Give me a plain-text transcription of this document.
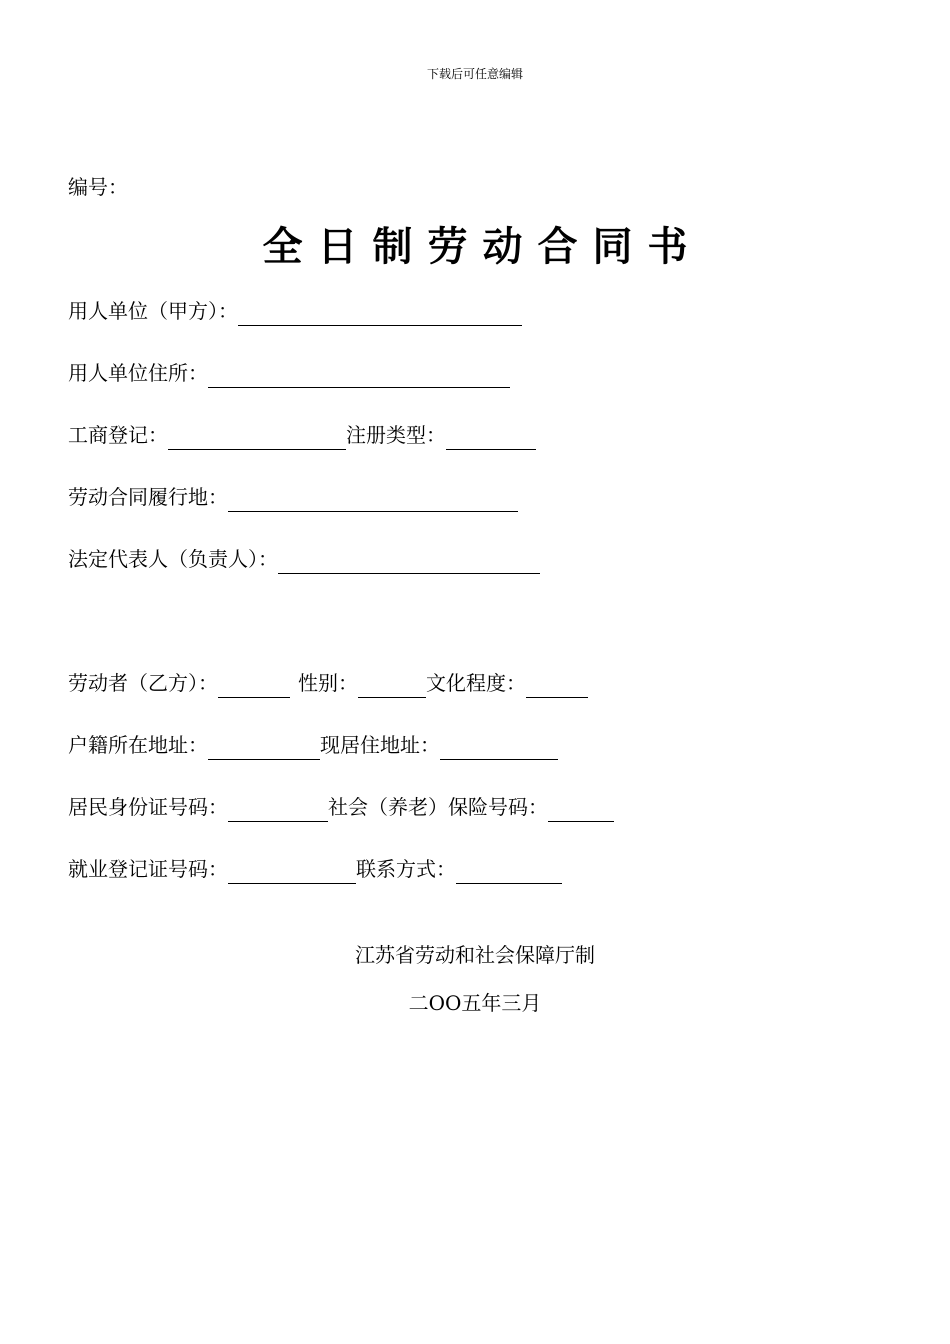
下载后可任意编辑
编号：
全日制劳动合同书
用人单位（甲方）：
用人单位住所：
工商登记：	注册类型：
劳动合同履行地：
法定代表人（负责人）：
劳动者（乙方）：	性别：	文化程度：
户籍所在地址：	现居住地址：
居民身份证号码：	社会（养老）保险号码：
就业登记证号码：	联系方式：
江苏省劳动和社会保障厅制
二OO五年三月
